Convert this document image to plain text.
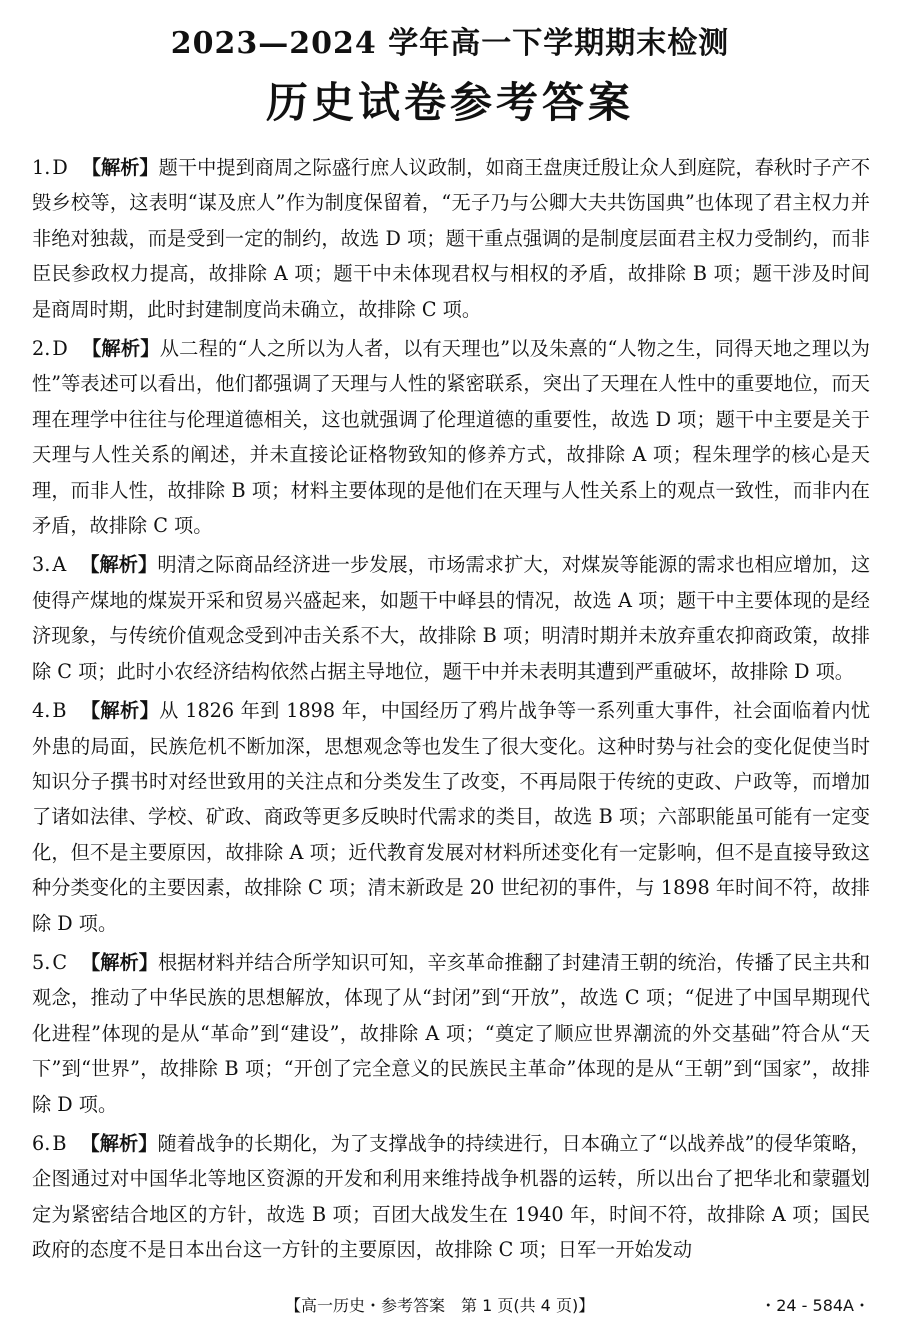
2023—2024 学年高一下学期期末检测
历史试卷参考答案
1. D 【解析】题干中提到商周之际盛行庶人议政制，如商王盘庚迁殷让众人到庭院，春秋时子产不毁乡校等，这表明“谋及庶人”作为制度保留着，“无子乃与公卿大夫共饬国典”也体现了君主权力并非绝对独裁，而是受到一定的制约，故选 D 项；题干重点强调的是制度层面君主权力受制约，而非臣民参政权力提高，故排除 A 项；题干中未体现君权与相权的矛盾，故排除 B 项；题干涉及时间是商周时期，此时封建制度尚未确立，故排除 C 项。
2. D 【解析】从二程的“人之所以为人者，以有天理也”以及朱熹的“人物之生，同得天地之理以为性”等表述可以看出，他们都强调了天理与人性的紧密联系，突出了天理在人性中的重要地位，而天理在理学中往往与伦理道德相关，这也就强调了伦理道德的重要性，故选 D 项；题干中主要是关于天理与人性关系的阐述，并未直接论证格物致知的修养方式，故排除 A 项；程朱理学的核心是天理，而非人性，故排除 B 项；材料主要体现的是他们在天理与人性关系上的观点一致性，而非内在矛盾，故排除 C 项。
3. A 【解析】明清之际商品经济进一步发展，市场需求扩大，对煤炭等能源的需求也相应增加，这使得产煤地的煤炭开采和贸易兴盛起来，如题干中峄县的情况，故选 A 项；题干中主要体现的是经济现象，与传统价值观念受到冲击关系不大，故排除 B 项；明清时期并未放弃重农抑商政策，故排除 C 项；此时小农经济结构依然占据主导地位，题干中并未表明其遭到严重破坏，故排除 D 项。
4. B 【解析】从 1826 年到 1898 年，中国经历了鸦片战争等一系列重大事件，社会面临着内忧外患的局面，民族危机不断加深，思想观念等也发生了很大变化。这种时势与社会的变化促使当时知识分子撰书时对经世致用的关注点和分类发生了改变，不再局限于传统的吏政、户政等，而增加了诸如法律、学校、矿政、商政等更多反映时代需求的类目，故选 B 项；六部职能虽可能有一定变化，但不是主要原因，故排除 A 项；近代教育发展对材料所述变化有一定影响，但不是直接导致这种分类变化的主要因素，故排除 C 项；清末新政是 20 世纪初的事件，与 1898 年时间不符，故排除 D 项。
5. C 【解析】根据材料并结合所学知识可知，辛亥革命推翻了封建清王朝的统治，传播了民主共和观念，推动了中华民族的思想解放，体现了从“封闭”到“开放”，故选 C 项；“促进了中国早期现代化进程”体现的是从“革命”到“建设”，故排除 A 项；“奠定了顺应世界潮流的外交基础”符合从“天下”到“世界”，故排除 B 项；“开创了完全意义的民族民主革命”体现的是从“王朝”到“国家”，故排除 D 项。
6. B 【解析】随着战争的长期化，为了支撑战争的持续进行，日本确立了“以战养战”的侵华策略，企图通过对中国华北等地区资源的开发和利用来维持战争机器的运转，所以出台了把华北和蒙疆划定为紧密结合地区的方针，故选 B 项；百团大战发生在 1940 年，时间不符，故排除 A 项；国民政府的态度不是日本出台这一方针的主要原因，故排除 C 项；日军一开始发动
【高一历史・参考答案　第 1 页(共 4 页)】	・24 - 584A・
